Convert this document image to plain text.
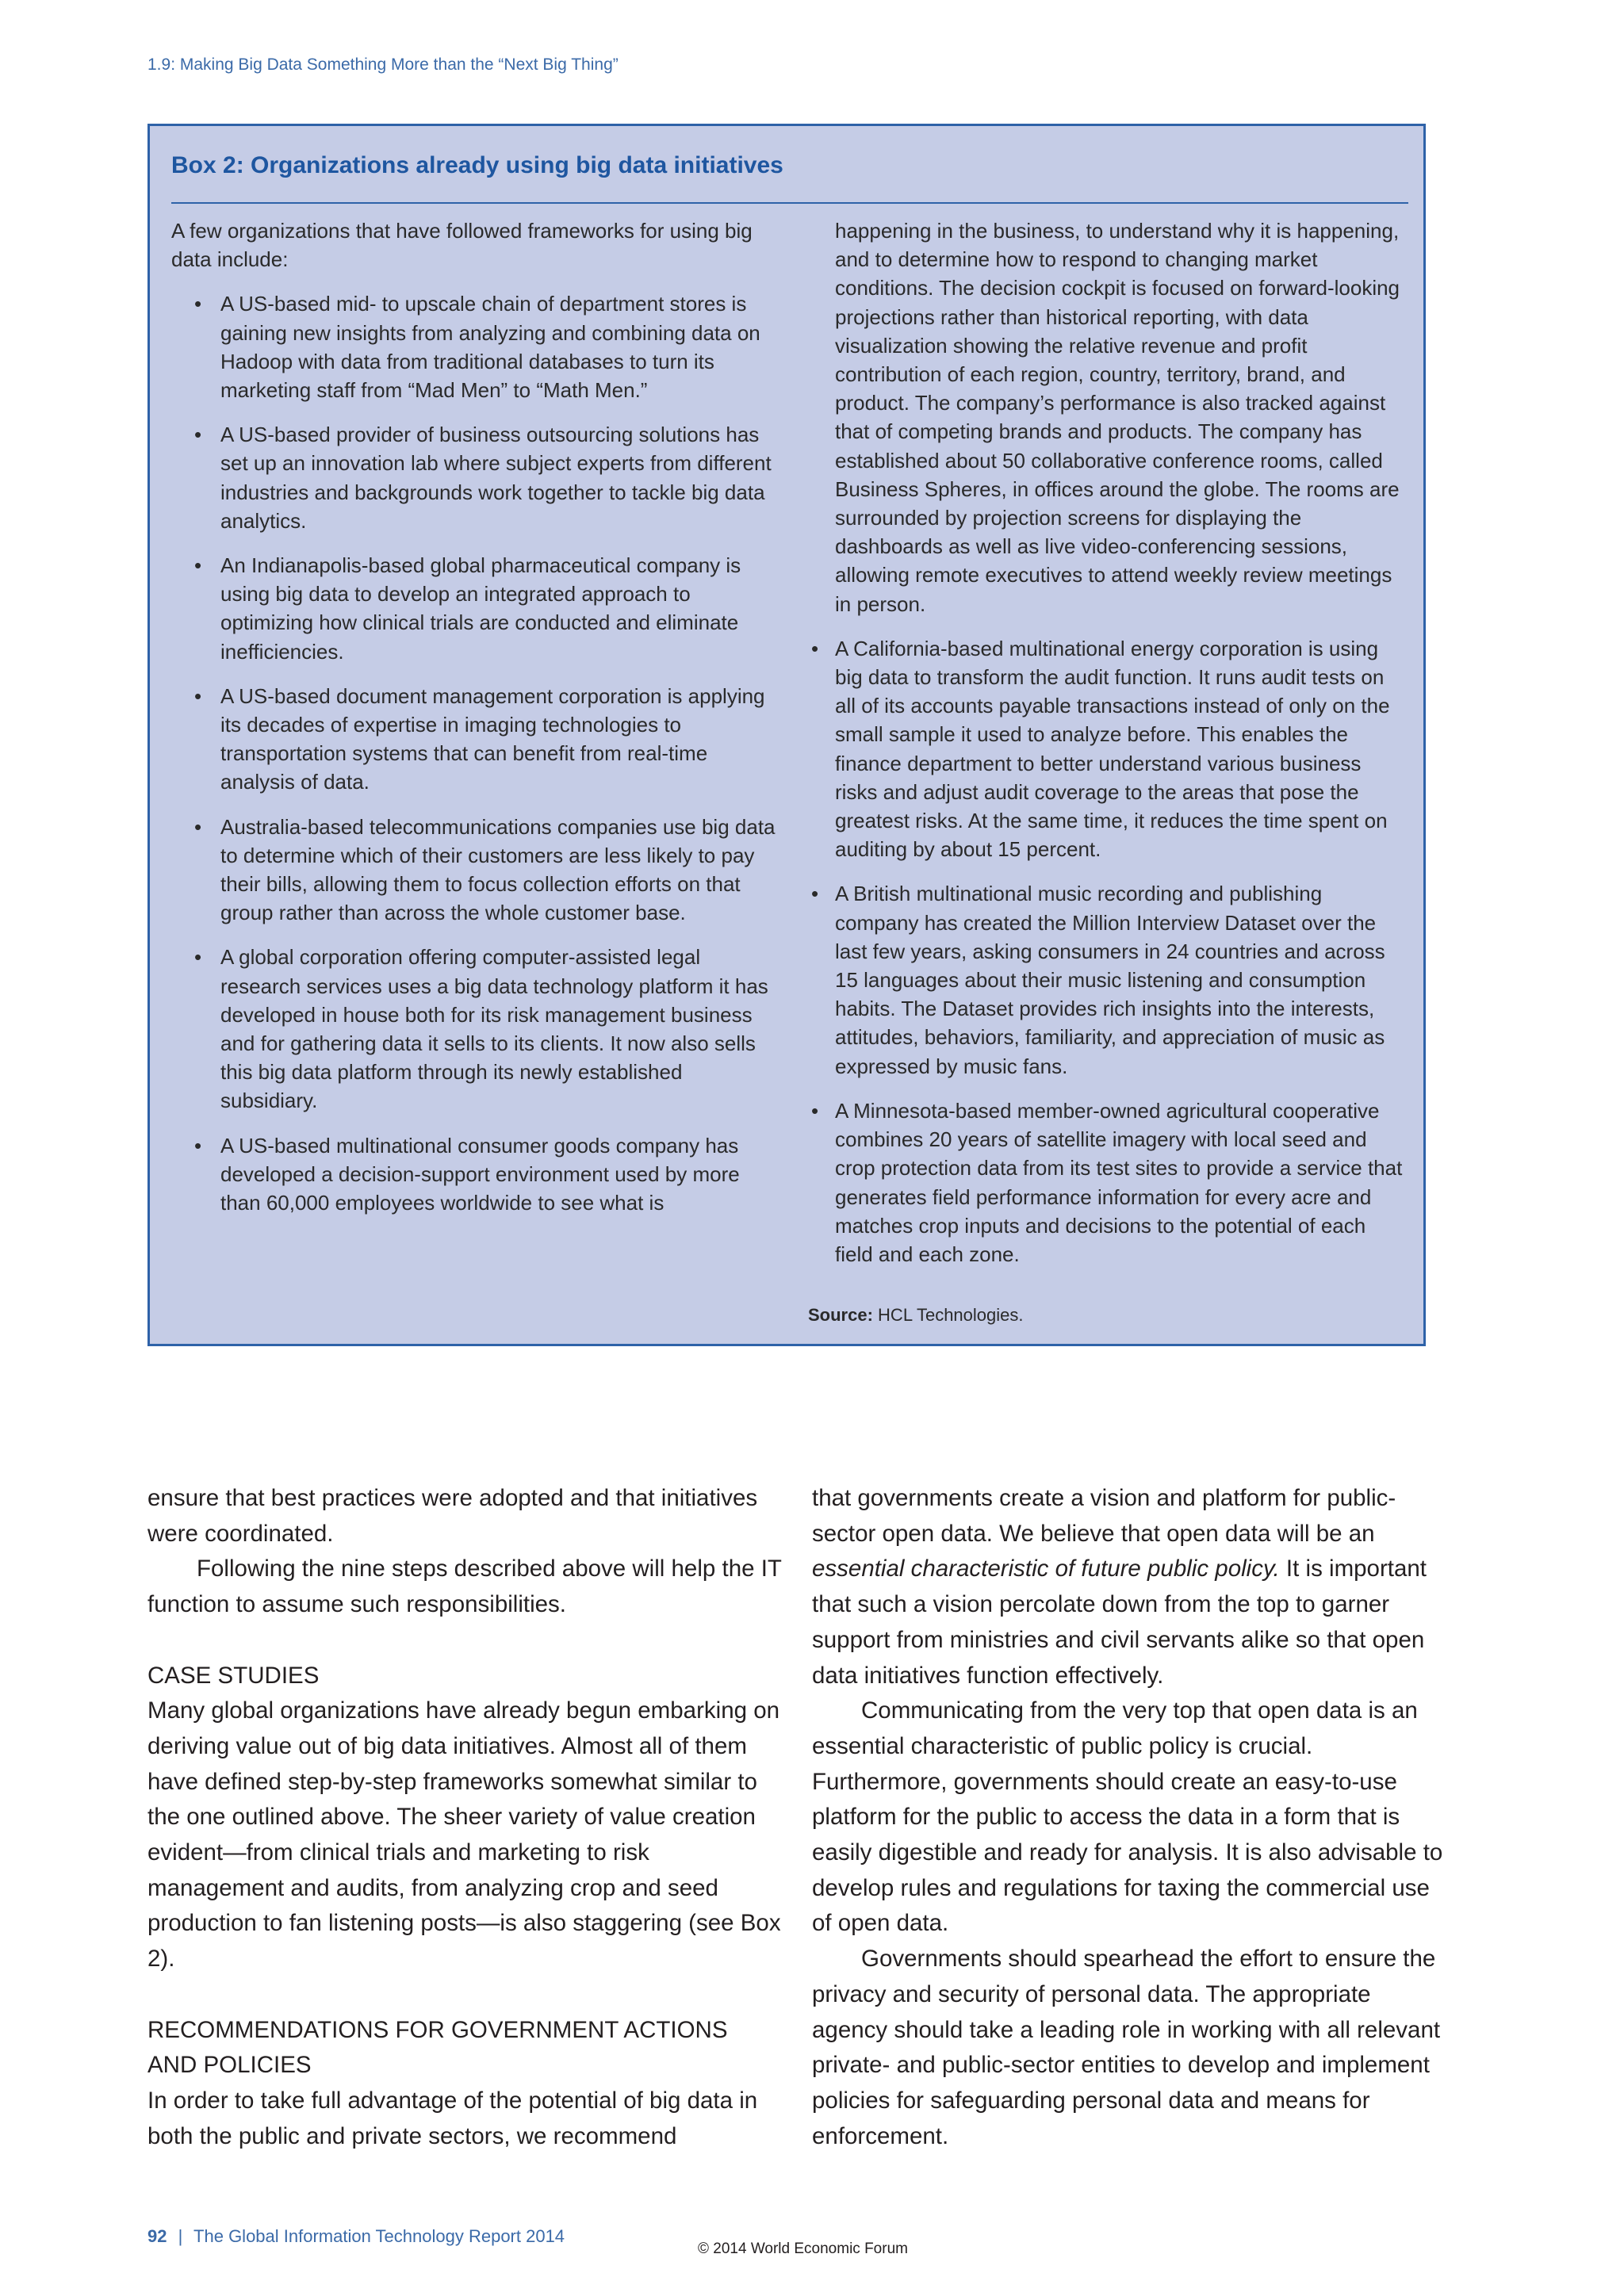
1.9: Making Big Data Something More than the “Next Big Thing”
Box 2: Organizations already using big data initiatives

A few organizations that have followed frameworks for using big data include:

• A US-based mid- to upscale chain of department stores is gaining new insights from analyzing and combining data on Hadoop with data from traditional databases to turn its marketing staff from “Mad Men” to “Math Men.”
• A US-based provider of business outsourcing solutions has set up an innovation lab where subject experts from different industries and backgrounds work together to tackle big data analytics.
• An Indianapolis-based global pharmaceutical company is using big data to develop an integrated approach to optimizing how clinical trials are conducted and eliminate inefficiencies.
• A US-based document management corporation is applying its decades of expertise in imaging technologies to transportation systems that can benefit from real-time analysis of data.
• Australia-based telecommunications companies use big data to determine which of their customers are less likely to pay their bills, allowing them to focus collection efforts on that group rather than across the whole customer base.
• A global corporation offering computer-assisted legal research services uses a big data technology platform it has developed in house both for its risk management business and for gathering data it sells to its clients. It now also sells this big data platform through its newly established subsidiary.
• A US-based multinational consumer goods company has developed a decision-support environment used by more than 60,000 employees worldwide to see what is

happening in the business, to understand why it is happening, and to determine how to respond to changing market conditions. The decision cockpit is focused on forward-looking projections rather than historical reporting, with data visualization showing the relative revenue and profit contribution of each region, country, territory, brand, and product. The company’s performance is also tracked against that of competing brands and products. The company has established about 50 collaborative conference rooms, called Business Spheres, in offices around the globe. The rooms are surrounded by projection screens for displaying the dashboards as well as live video-conferencing sessions, allowing remote executives to attend weekly review meetings in person.

• A California-based multinational energy corporation is using big data to transform the audit function. It runs audit tests on all of its accounts payable transactions instead of only on the small sample it used to analyze before. This enables the finance department to better understand various business risks and adjust audit coverage to the areas that pose the greatest risks. At the same time, it reduces the time spent on auditing by about 15 percent.
• A British multinational music recording and publishing company has created the Million Interview Dataset over the last few years, asking consumers in 24 countries and across 15 languages about their music listening and consumption habits. The Dataset provides rich insights into the interests, attitudes, behaviors, familiarity, and appreciation of music as expressed by music fans.
• A Minnesota-based member-owned agricultural cooperative combines 20 years of satellite imagery with local seed and crop protection data from its test sites to provide a service that generates field performance information for every acre and matches crop inputs and decisions to the potential of each field and each zone.
Source: HCL Technologies.

ensure that best practices were adopted and that initiatives were coordinated.

Following the nine steps described above will help the IT function to assume such responsibilities.

CASE STUDIES

Many global organizations have already begun embarking on deriving value out of big data initiatives. Almost all of them have defined step-by-step frameworks somewhat similar to the one outlined above. The sheer variety of value creation evident—from clinical trials and marketing to risk management and audits, from analyzing crop and seed production to fan listening posts—is also staggering (see Box 2).

RECOMMENDATIONS FOR GOVERNMENT ACTIONS AND POLICIES

In order to take full advantage of the potential of big data in both the public and private sectors, we recommend

that governments create a vision and platform for public-sector open data. We believe that open data will be an essential characteristic of future public policy. It is important that such a vision percolate down from the top to garner support from ministries and civil servants alike so that open data initiatives function effectively.

Communicating from the very top that open data is an essential characteristic of public policy is crucial. Furthermore, governments should create an easy-to-use platform for the public to access the data in a form that is easily digestible and ready for analysis. It is also advisable to develop rules and regulations for taxing the commercial use of open data.

Governments should spearhead the effort to ensure the privacy and security of personal data. The appropriate agency should take a leading role in working with all relevant private- and public-sector entities to develop and implement policies for safeguarding personal data and means for enforcement.

92 | The Global Information Technology Report 2014
© 2014 World Economic Forum
